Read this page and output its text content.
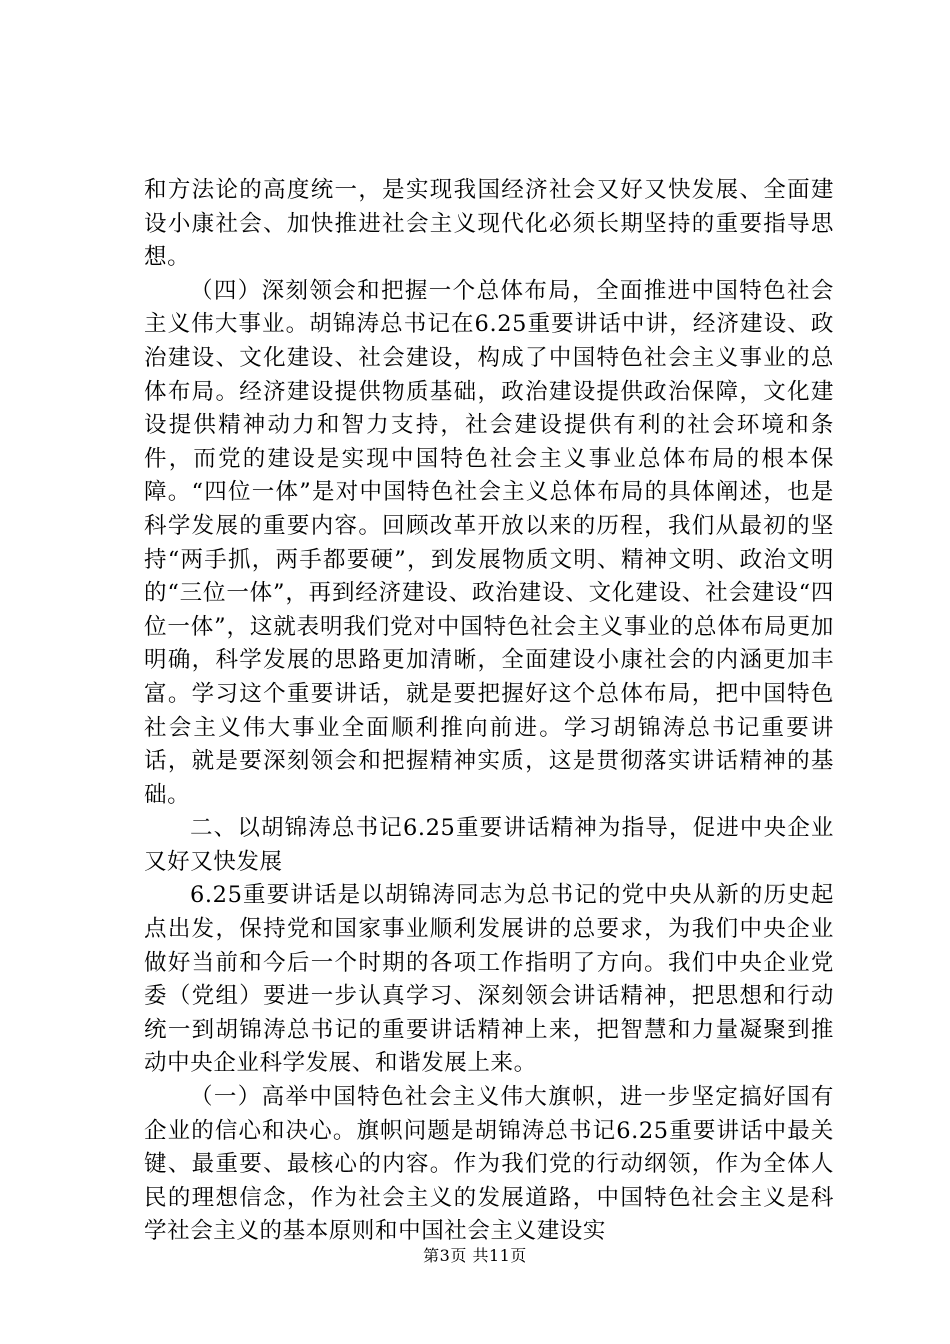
和方法论的高度统一，是实现我国经济社会又好又快发展、全面建设小康社会、加快推进社会主义现代化必须长期坚持的重要指导思想。

（四）深刻领会和把握一个总体布局，全面推进中国特色社会主义伟大事业。胡锦涛总书记在6.25重要讲话中讲，经济建设、政治建设、文化建设、社会建设，构成了中国特色社会主义事业的总体布局。经济建设提供物质基础，政治建设提供政治保障，文化建设提供精神动力和智力支持，社会建设提供有利的社会环境和条件，而党的建设是实现中国特色社会主义事业总体布局的根本保障。“四位一体”是对中国特色社会主义总体布局的具体阐述，也是科学发展的重要内容。回顾改革开放以来的历程，我们从最初的坚持“两手抓，两手都要硬”，到发展物质文明、精神文明、政治文明的“三位一体”，再到经济建设、政治建设、文化建设、社会建设“四位一体”，这就表明我们党对中国特色社会主义事业的总体布局更加明确，科学发展的思路更加清晰，全面建设小康社会的内涵更加丰富。学习这个重要讲话，就是要把握好这个总体布局，把中国特色社会主义伟大事业全面顺利推向前进。学习胡锦涛总书记重要讲话，就是要深刻领会和把握精神实质，这是贯彻落实讲话精神的基础。

二、以胡锦涛总书记6.25重要讲话精神为指导，促进中央企业又好又快发展

6.25重要讲话是以胡锦涛同志为总书记的党中央从新的历史起点出发，保持党和国家事业顺利发展讲的总要求，为我们中央企业做好当前和今后一个时期的各项工作指明了方向。我们中央企业党委（党组）要进一步认真学习、深刻领会讲话精神，把思想和行动统一到胡锦涛总书记的重要讲话精神上来，把智慧和力量凝聚到推动中央企业科学发展、和谐发展上来。

（一）高举中国特色社会主义伟大旗帜，进一步坚定搞好国有企业的信心和决心。旗帜问题是胡锦涛总书记6.25重要讲话中最关键、最重要、最核心的内容。作为我们党的行动纲领，作为全体人民的理想信念，作为社会主义的发展道路，中国特色社会主义是科学社会主义的基本原则和中国社会主义建设实

第3页 共11页
